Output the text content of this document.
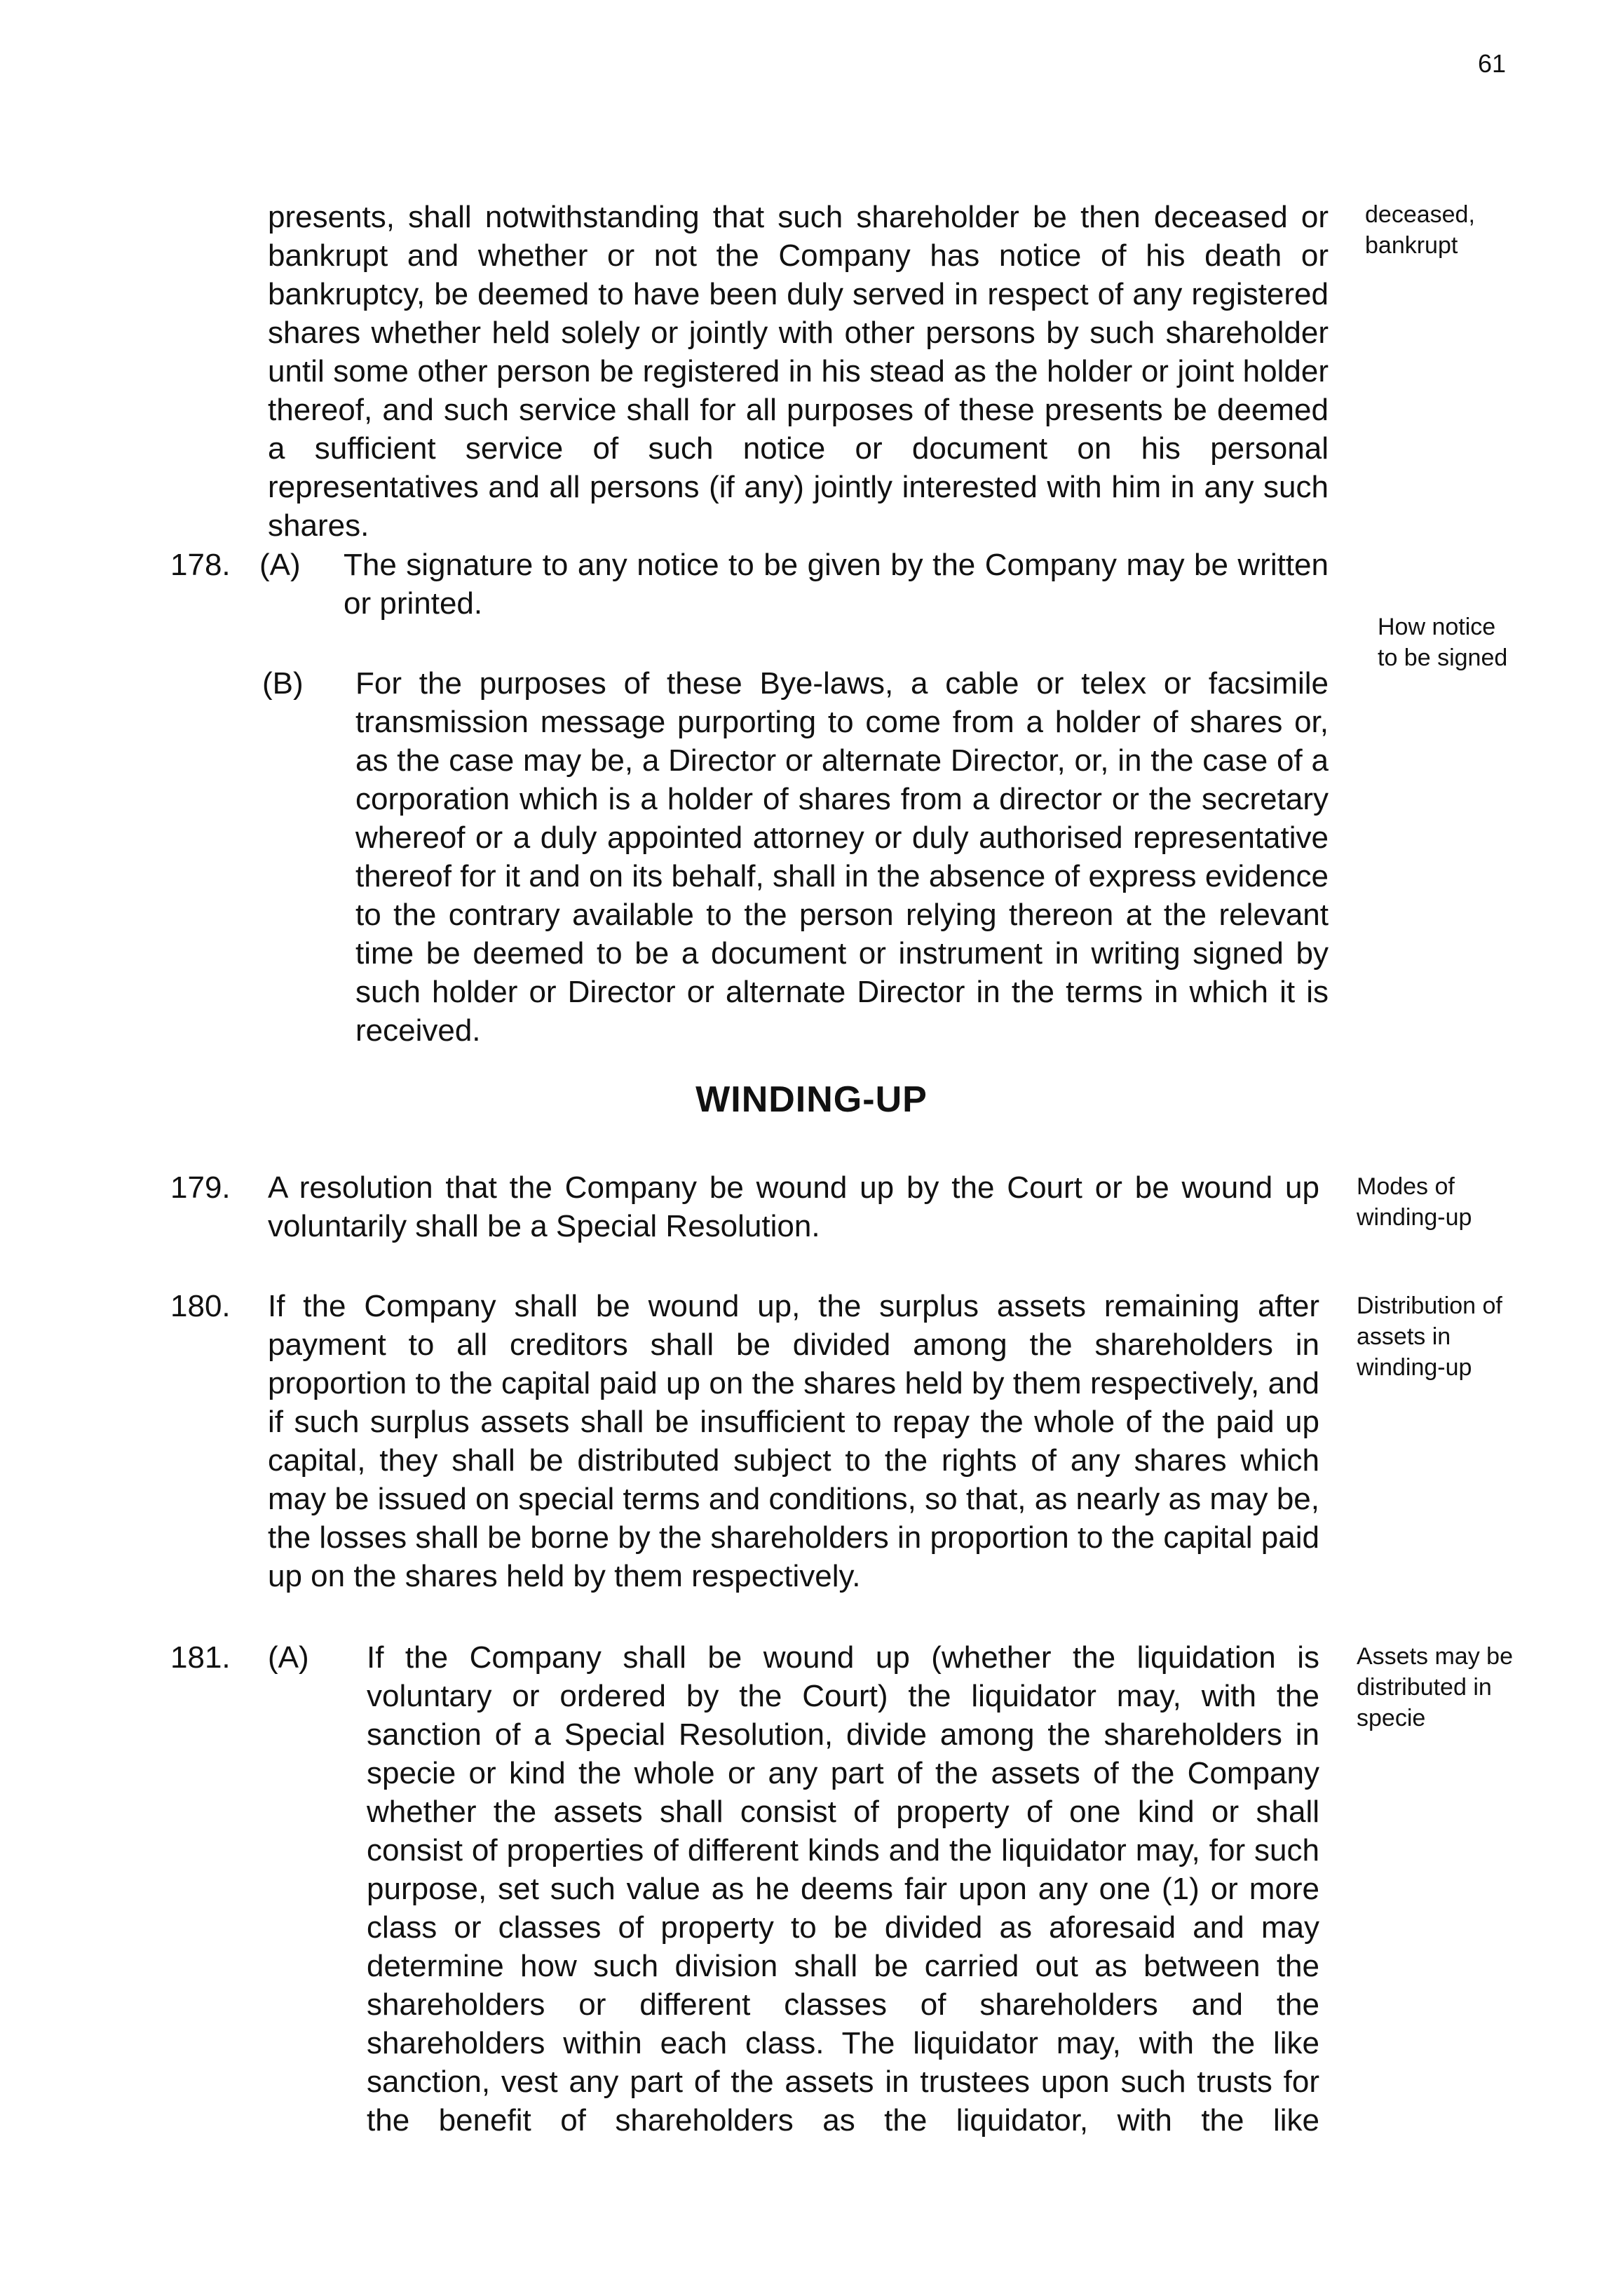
61

presents, shall notwithstanding that such shareholder be then deceased or bankrupt and whether or not the Company has notice of his death or bankruptcy, be deemed to have been duly served in respect of any registered shares whether held solely or jointly with other persons by such shareholder until some other person be registered in his stead as the holder or joint holder thereof, and such service shall for all purposes of these presents be deemed a sufficient service of such notice or document on his personal representatives and all persons (if any) jointly interested with him in any such shares.

deceased,
bankrupt

178. (A) The signature to any notice to be given by the Company may be written or printed.

How notice
to be signed

(B) For the purposes of these Bye-laws, a cable or telex or facsimile transmission message purporting to come from a holder of shares or, as the case may be, a Director or alternate Director, or, in the case of a corporation which is a holder of shares from a director or the secretary whereof or a duly appointed attorney or duly authorised representative thereof for it and on its behalf, shall in the absence of express evidence to the contrary available to the person relying thereon at the relevant time be deemed to be a document or instrument in writing signed by such holder or Director or alternate Director in the terms in which it is received.

WINDING-UP
179. A resolution that the Company be wound up by the Court or be wound up voluntarily shall be a Special Resolution.

Modes of
winding-up

180. If the Company shall be wound up, the surplus assets remaining after payment to all creditors shall be divided among the shareholders in proportion to the capital paid up on the shares held by them respectively, and if such surplus assets shall be insufficient to repay the whole of the paid up capital, they shall be distributed subject to the rights of any shares which may be issued on special terms and conditions, so that, as nearly as may be, the losses shall be borne by the shareholders in proportion to the capital paid up on the shares held by them respectively.

Distribution of
assets in
winding-up

181. (A) If the Company shall be wound up (whether the liquidation is voluntary or ordered by the Court) the liquidator may, with the sanction of a Special Resolution, divide among the shareholders in specie or kind the whole or any part of the assets of the Company whether the assets shall consist of property of one kind or shall consist of properties of different kinds and the liquidator may, for such purpose, set such value as he deems fair upon any one (1) or more class or classes of property to be divided as aforesaid and may determine how such division shall be carried out as between the shareholders or different classes of shareholders and the shareholders within each class. The liquidator may, with the like sanction, vest any part of the assets in trustees upon such trusts for the benefit of shareholders as the liquidator, with the like

Assets may be
distributed in
specie
